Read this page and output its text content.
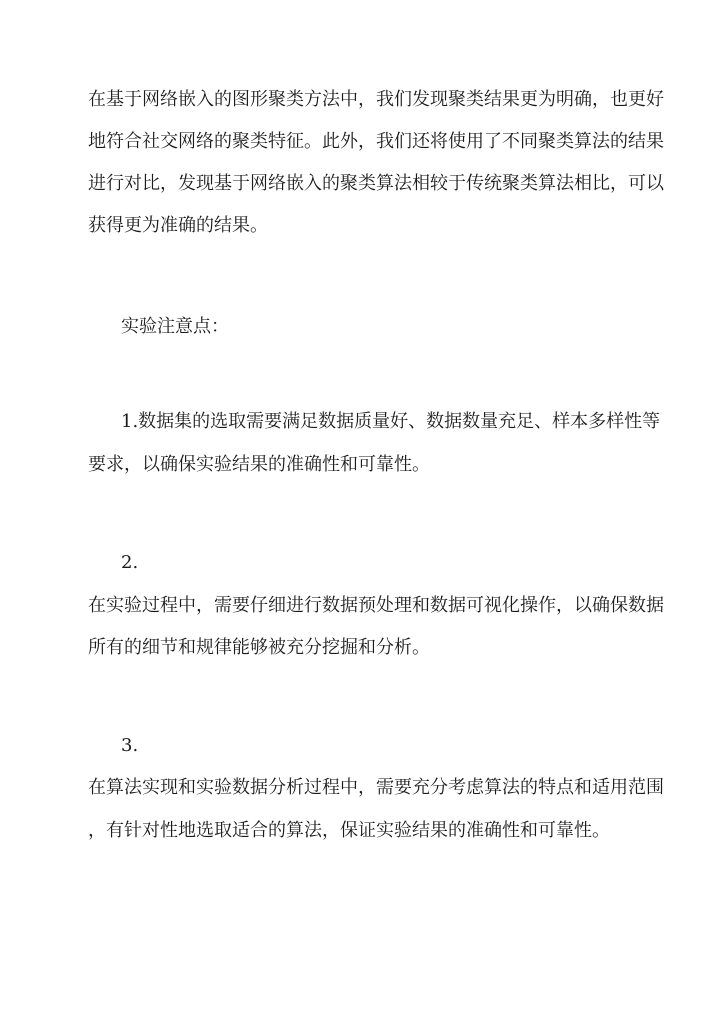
在基于网络嵌入的图形聚类方法中，我们发现聚类结果更为明确，也更好
地符合社交网络的聚类特征。此外，我们还将使用了不同聚类算法的结果
进行对比，发现基于网络嵌入的聚类算法相较于传统聚类算法相比，可以
获得更为准确的结果。
实验注意点：
1.数据集的选取需要满足数据质量好、数据数量充足、样本多样性等
要求，以确保实验结果的准确性和可靠性。
2.
在实验过程中，需要仔细进行数据预处理和数据可视化操作，以确保数据
所有的细节和规律能够被充分挖掘和分析。
3.
在算法实现和实验数据分析过程中，需要充分考虑算法的特点和适用范围
，有针对性地选取适合的算法，保证实验结果的准确性和可靠性。
